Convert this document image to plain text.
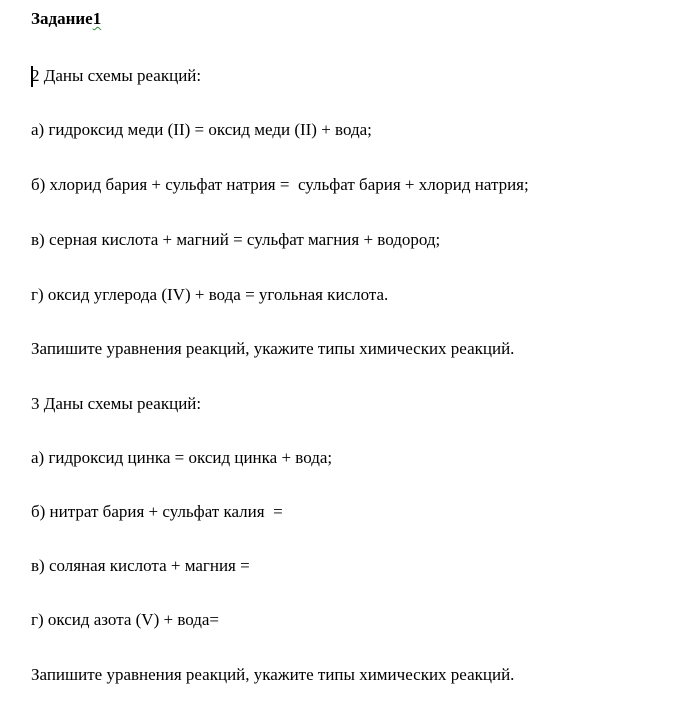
Задание1
2 Даны схемы реакций:
а) гидроксид меди (II) = оксид меди (II) + вода;
б) хлорид бария + сульфат натрия =  сульфат бария + хлорид натрия;
в) серная кислота + магний = сульфат магния + водород;
г) оксид углерода (IV) + вода = угольная кислота.
Запишите уравнения реакций, укажите типы химических реакций.
3 Даны схемы реакций:
а) гидроксид цинка = оксид цинка + вода;
б) нитрат бария + сульфат калия  =
в) соляная кислота + магния =
г) оксид азота (V) + вода=
Запишите уравнения реакций, укажите типы химических реакций.
